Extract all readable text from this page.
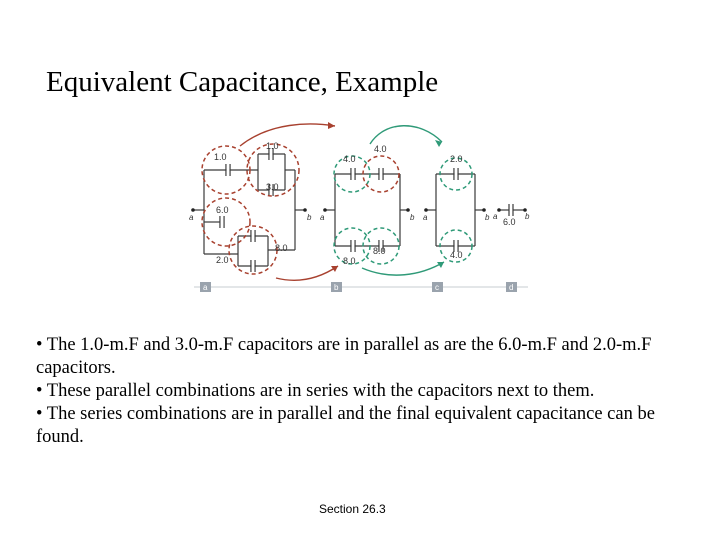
Equivalent Capacitance, Example
1.0
1.0
3.0
6.0
2.0
8.0
a	b
4.0
4.0
8.0
8.0
a	b
2.0
4.0
a	b 6.0
a	b
a	b	c	d

• The 1.0-m.F and 3.0-m.F capacitors are in parallel as are the 6.0-m.F and 2.0-m.F capacitors.

• These parallel combinations are in series with the capacitors next to them.

• The series combinations are in parallel and the final equivalent capacitance can be found.

Section 26.3
